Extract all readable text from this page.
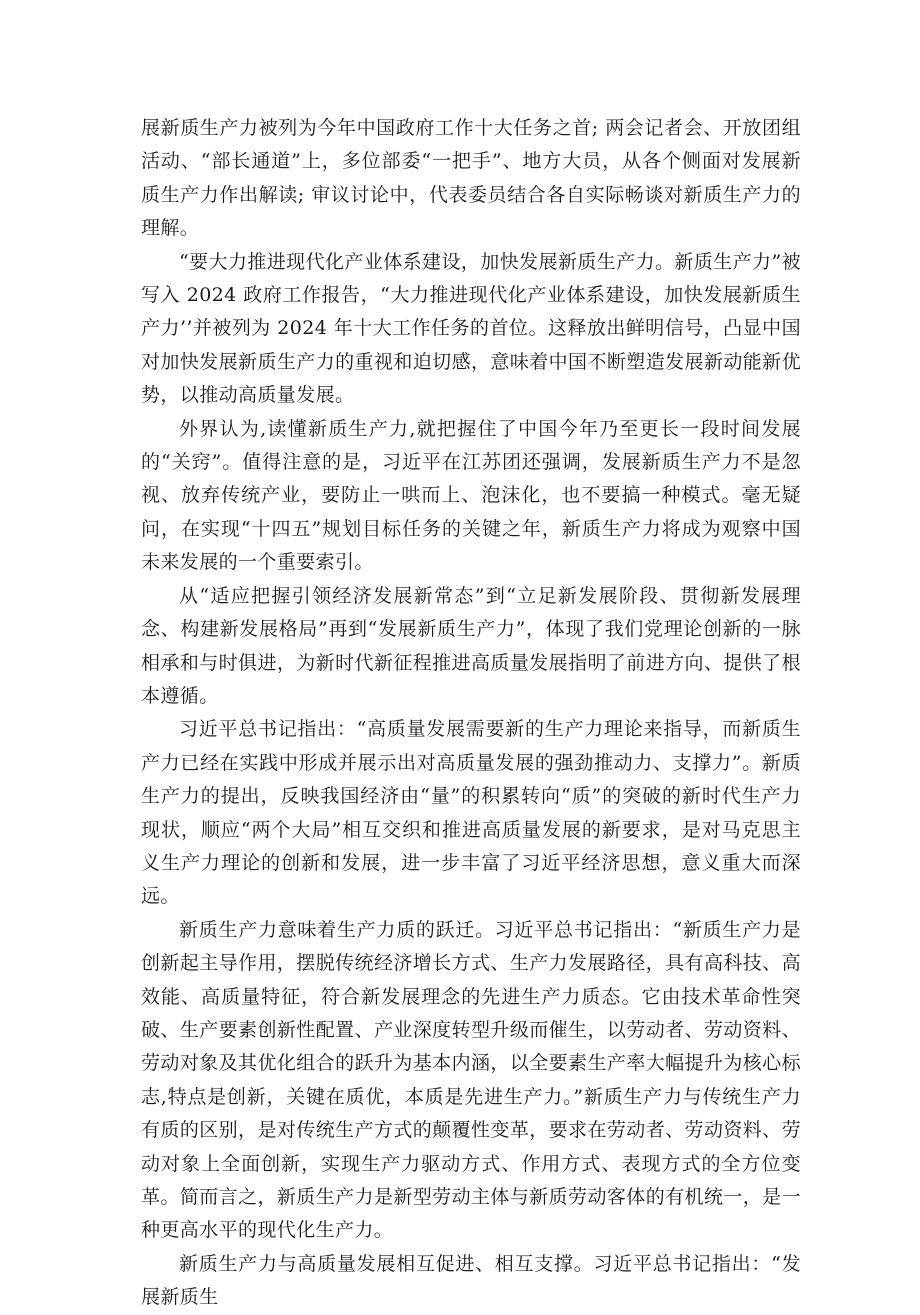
展新质生产力被列为今年中国政府工作十大任务之首; 两会记者会、开放团组活动、“部长通道”上，多位部委“一把手”、地方大员，从各个侧面对发展新质生产力作出解读; 审议讨论中，代表委员结合各自实际畅谈对新质生产力的理解。

“要大力推进现代化产业体系建设，加快发展新质生产力。新质生产力”被写入 2024 政府工作报告，“大力推进现代化产业体系建设，加快发展新质生产力’’并被列为 2024 年十大工作任务的首位。这释放出鲜明信号，凸显中国对加快发展新质生产力的重视和迫切感，意味着中国不断塑造发展新动能新优势，以推动高质量发展。

外界认为,读懂新质生产力,就把握住了中国今年乃至更长一段时间发展的“关窍”。值得注意的是，习近平在江苏团还强调，发展新质生产力不是忽视、放弃传统产业，要防止一哄而上、泡沫化，也不要搞一种模式。毫无疑问，在实现“十四五”规划目标任务的关键之年，新质生产力将成为观察中国未来发展的一个重要索引。

从“适应把握引领经济发展新常态”到“立足新发展阶段、贯彻新发展理念、构建新发展格局”再到“发展新质生产力”，体现了我们党理论创新的一脉相承和与时俱进，为新时代新征程推进高质量发展指明了前进方向、提供了根本遵循。

习近平总书记指出：“高质量发展需要新的生产力理论来指导，而新质生产力已经在实践中形成并展示出对高质量发展的强劲推动力、支撑力”。新质生产力的提出，反映我国经济由“量”的积累转向“质”的突破的新时代生产力现状，顺应“两个大局”相互交织和推进高质量发展的新要求，是对马克思主义生产力理论的创新和发展，进一步丰富了习近平经济思想，意义重大而深远。

新质生产力意味着生产力质的跃迁。习近平总书记指出：“新质生产力是创新起主导作用，摆脱传统经济增长方式、生产力发展路径，具有高科技、高效能、高质量特征，符合新发展理念的先进生产力质态。它由技术革命性突破、生产要素创新性配置、产业深度转型升级而催生，以劳动者、劳动资料、劳动对象及其优化组合的跃升为基本内涵，以全要素生产率大幅提升为核心标志,特点是创新，关键在质优，本质是先进生产力。”新质生产力与传统生产力有质的区别，是对传统生产方式的颠覆性变革，要求在劳动者、劳动资料、劳动对象上全面创新，实现生产力驱动方式、作用方式、表现方式的全方位变革。简而言之，新质生产力是新型劳动主体与新质劳动客体的有机统一，是一种更高水平的现代化生产力。

新质生产力与高质量发展相互促进、相互支撑。习近平总书记指出：“发展新质生
